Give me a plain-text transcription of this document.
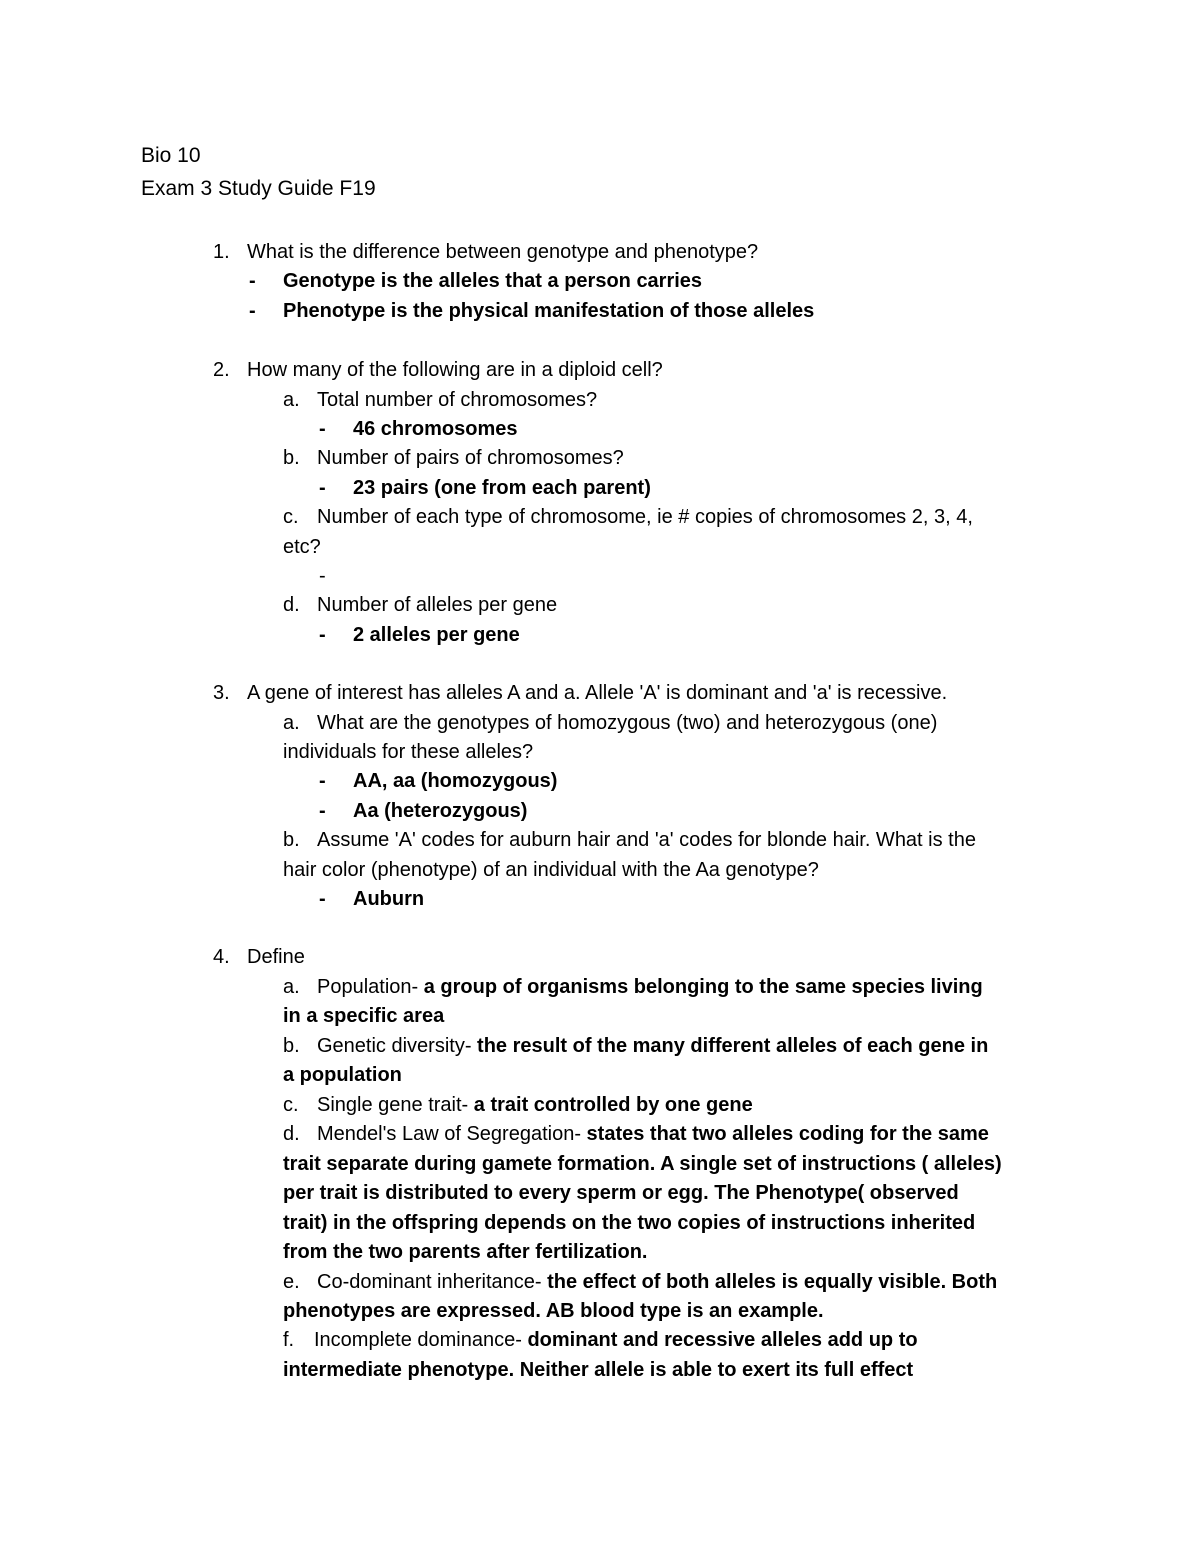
Bio 10
Exam 3 Study Guide F19
1. What is the difference between genotype and phenotype?
- Genotype is the alleles that a person carries
- Phenotype is the physical manifestation of those alleles
2. How many of the following are in a diploid cell?
a. Total number of chromosomes?
- 46 chromosomes
b. Number of pairs of chromosomes?
- 23 pairs (one from each parent)
c. Number of each type of chromosome, ie # copies of chromosomes 2, 3, 4,
etc?
-
d. Number of alleles per gene
- 2 alleles per gene
3. A gene of interest has alleles A and a. Allele 'A' is dominant and 'a' is recessive.
a. What are the genotypes of homozygous (two) and heterozygous (one)
individuals for these alleles?
- AA, aa (homozygous)
- Aa (heterozygous)
b. Assume 'A' codes for auburn hair and 'a' codes for blonde hair. What is the
hair color (phenotype) of an individual with the Aa genotype?
- Auburn
4. Define
a. Population- a group of organisms belonging to the same species living
in a specific area
b. Genetic diversity- the result of the many different alleles of each gene in
a population
c. Single gene trait- a trait controlled by one gene
d. Mendel's Law of Segregation- states that two alleles coding for the same
trait separate during gamete formation. A single set of instructions ( alleles)
per trait is distributed to every sperm or egg. The Phenotype( observed
trait) in the offspring depends on the two copies of instructions inherited
from the two parents after fertilization.
e. Co-dominant inheritance- the effect of both alleles is equally visible. Both
phenotypes are expressed. AB blood type is an example.
f. Incomplete dominance- dominant and recessive alleles add up to
intermediate phenotype. Neither allele is able to exert its full effect
